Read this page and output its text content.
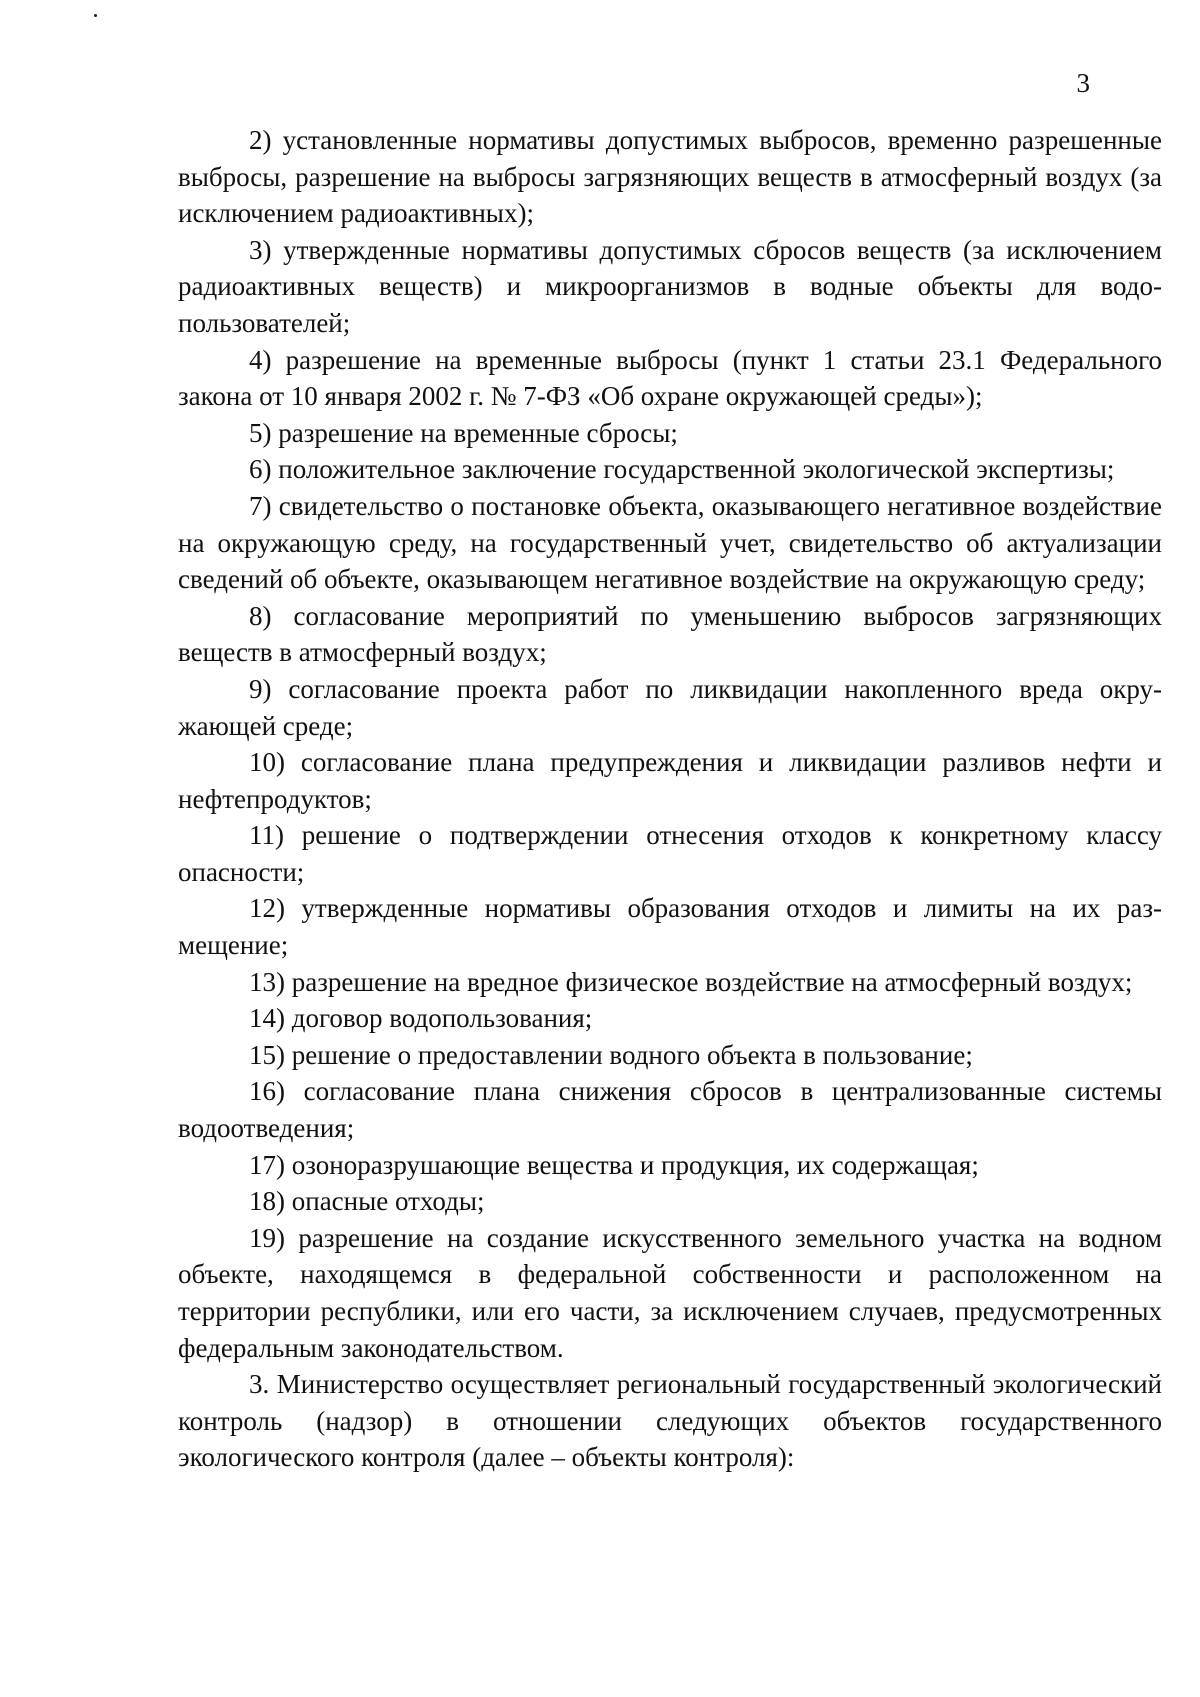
3

2) установленные нормативы допустимых выбросов, временно разрешенные выбросы, разрешение на выбросы загрязняющих веществ в атмосферный воздух (за исключением радиоактивных);

3) утвержденные нормативы допустимых сбросов веществ (за исключением радиоактивных веществ) и микроорганизмов в водные объекты для водопользователей;

4) разрешение на временные выбросы (пункт 1 статьи 23.1 Федерального закона от 10 января 2002 г. № 7-ФЗ «Об охране окружающей среды»);

5) разрешение на временные сбросы;

6) положительное заключение государственной экологической экспертизы;

7) свидетельство о постановке объекта, оказывающего негативное воздействие на окружающую среду, на государственный учет, свидетельство об актуализации сведений об объекте, оказывающем негативное воздействие на окружающую среду;

8) согласование мероприятий по уменьшению выбросов загрязняющих веществ в атмосферный воздух;

9) согласование проекта работ по ликвидации накопленного вреда окружающей среде;

10) согласование плана предупреждения и ликвидации разливов нефти и нефтепродуктов;

11) решение о подтверждении отнесения отходов к конкретному классу опасности;

12) утвержденные нормативы образования отходов и лимиты на их размещение;

13) разрешение на вредное физическое воздействие на атмосферный воздух;

14) договор водопользования;

15) решение о предоставлении водного объекта в пользование;

16) согласование плана снижения сбросов в централизованные системы водоотведения;

17) озоноразрушающие вещества и продукция, их содержащая;

18) опасные отходы;

19) разрешение на создание искусственного земельного участка на водном объекте, находящемся в федеральной собственности и расположенном на территории республики, или его части, за исключением случаев, предусмотренных федеральным законодательством.

3. Министерство осуществляет региональный государственный экологический контроль (надзор) в отношении следующих объектов государственного экологического контроля (далее – объекты контроля):
